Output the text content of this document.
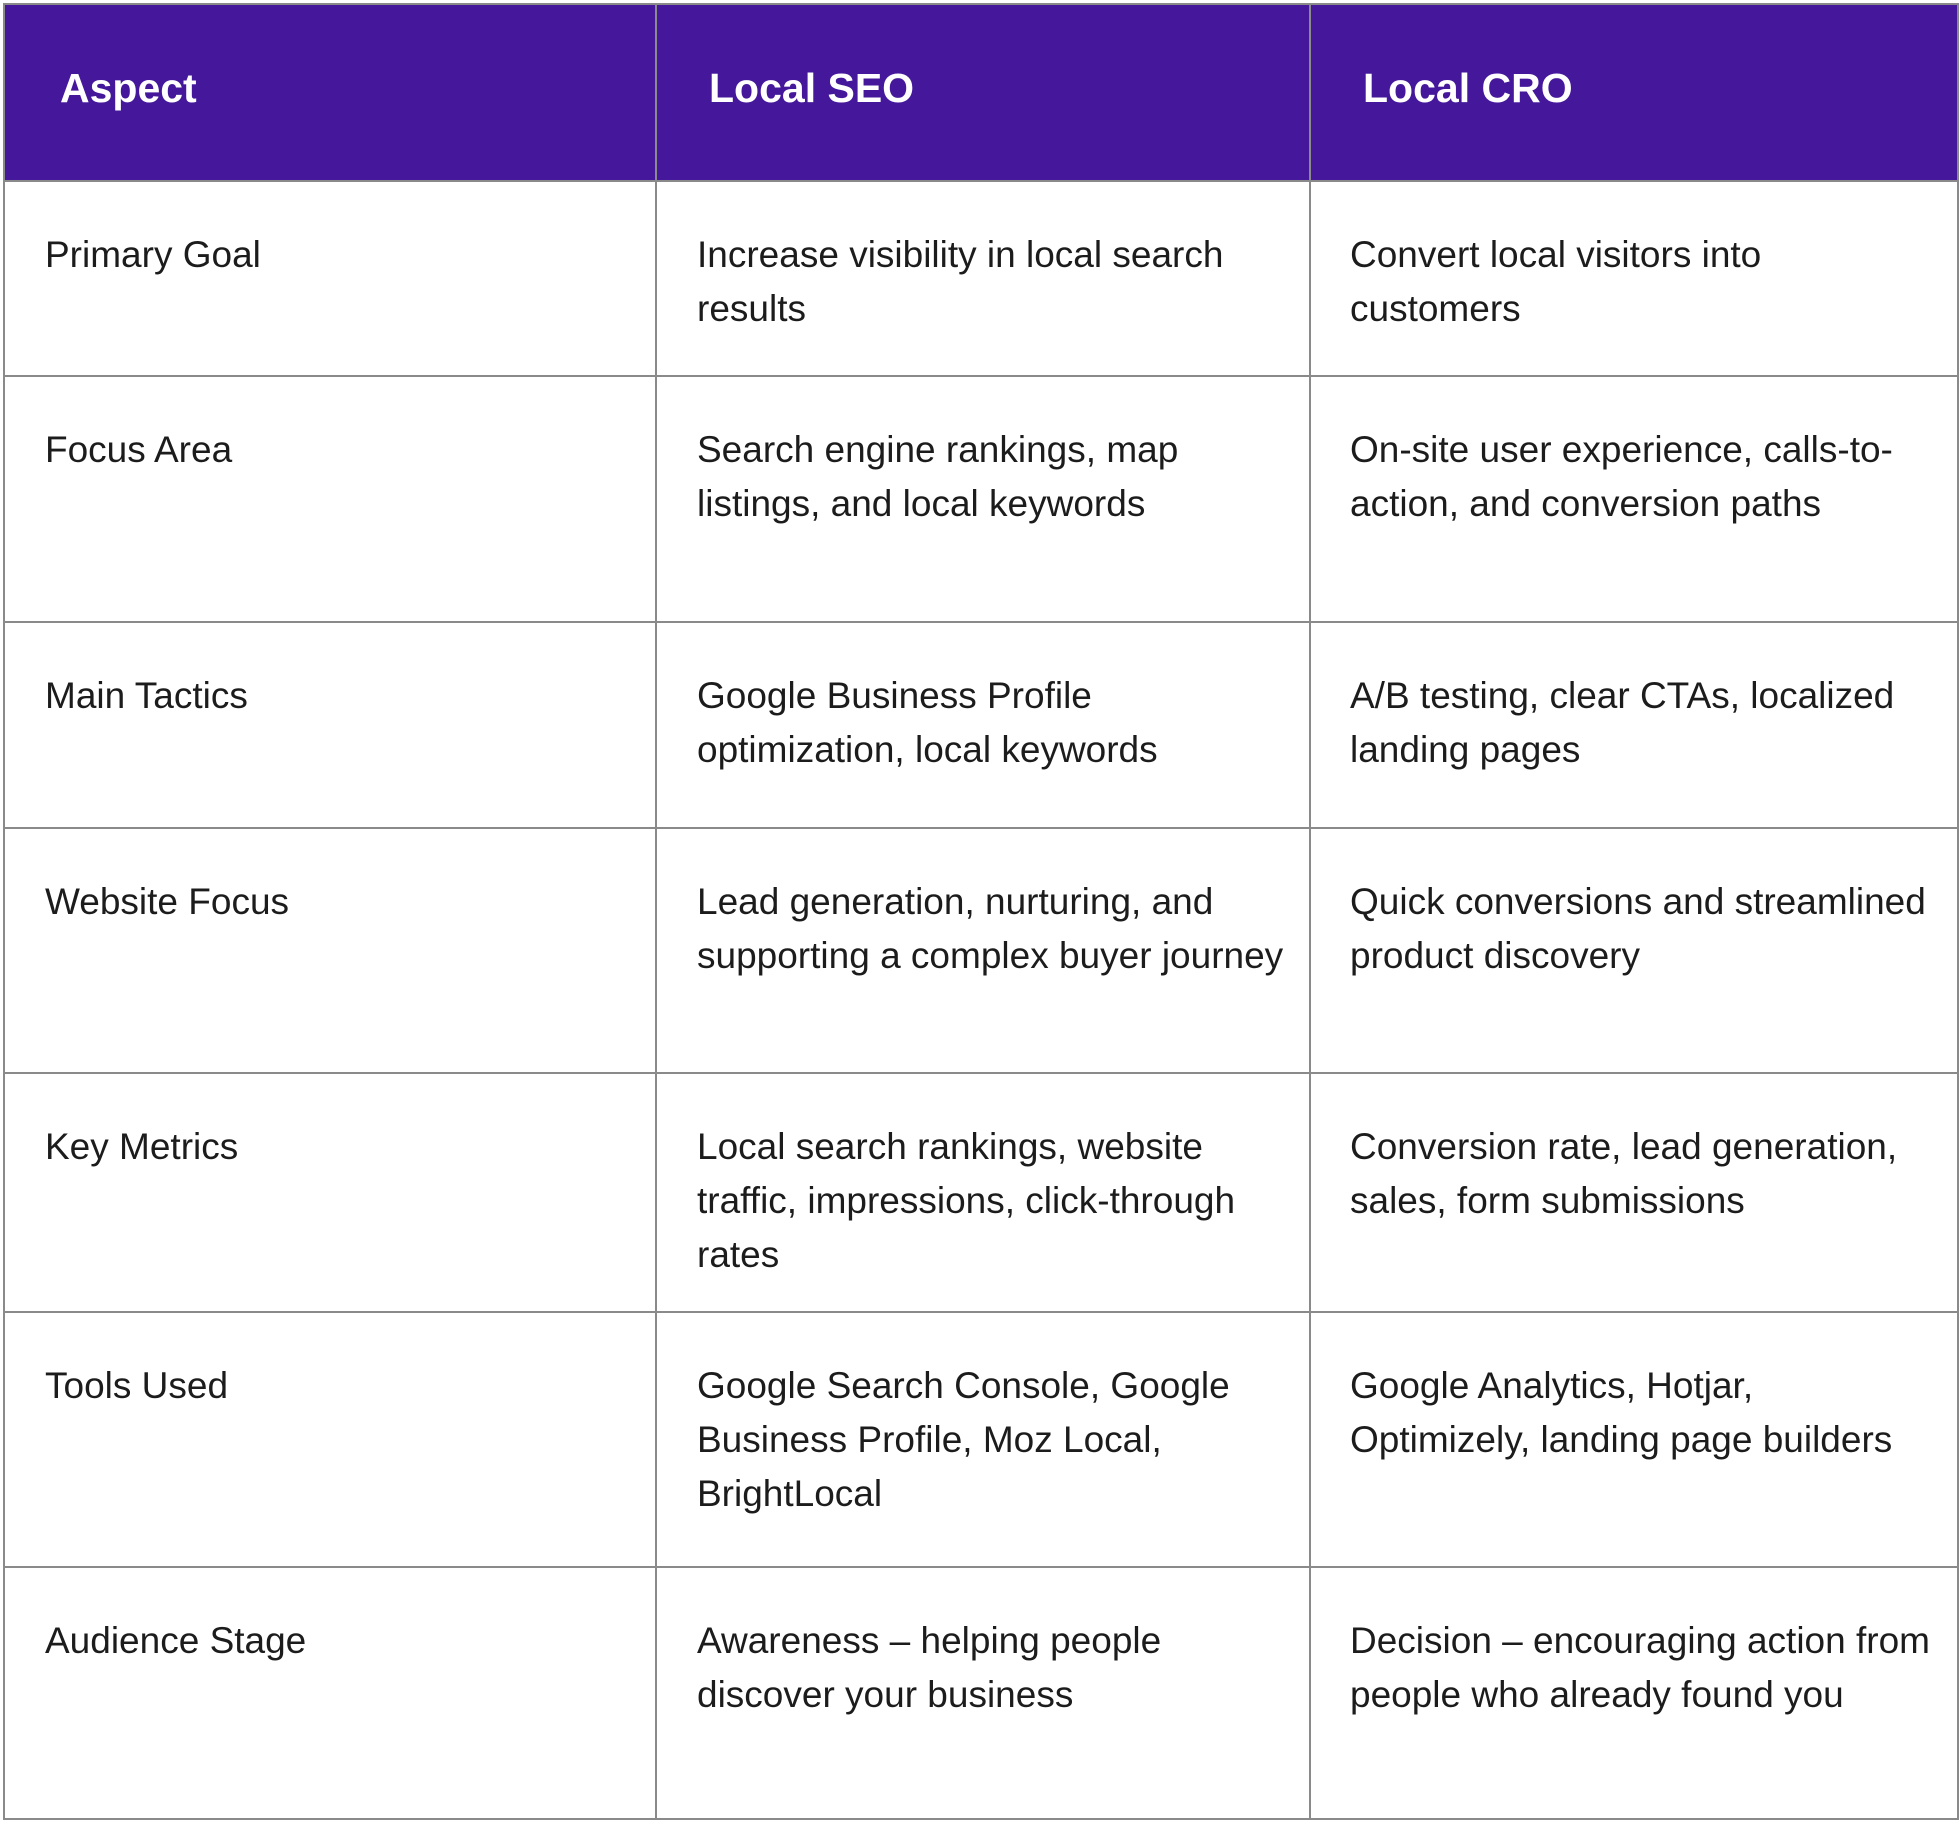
Aspect	Local SEO	Local CRO
Primary Goal	Increase visibility in local search results	Convert local visitors into customers
Focus Area	Search engine rankings, map listings, and local keywords	On-site user experience, calls-to-action, and conversion paths
Main Tactics	Google Business Profile optimization, local keywords	A/B testing, clear CTAs, localized landing pages
Website Focus	Lead generation, nurturing, and supporting a complex buyer journey	Quick conversions and streamlined product discovery
Key Metrics	Local search rankings, website traffic, impressions, click-through rates	Conversion rate, lead generation, sales, form submissions
Tools Used	Google Search Console, Google Business Profile, Moz Local, BrightLocal	Google Analytics, Hotjar, Optimizely, landing page builders
Audience Stage	Awareness – helping people discover your business	Decision – encouraging action from people who already found you
